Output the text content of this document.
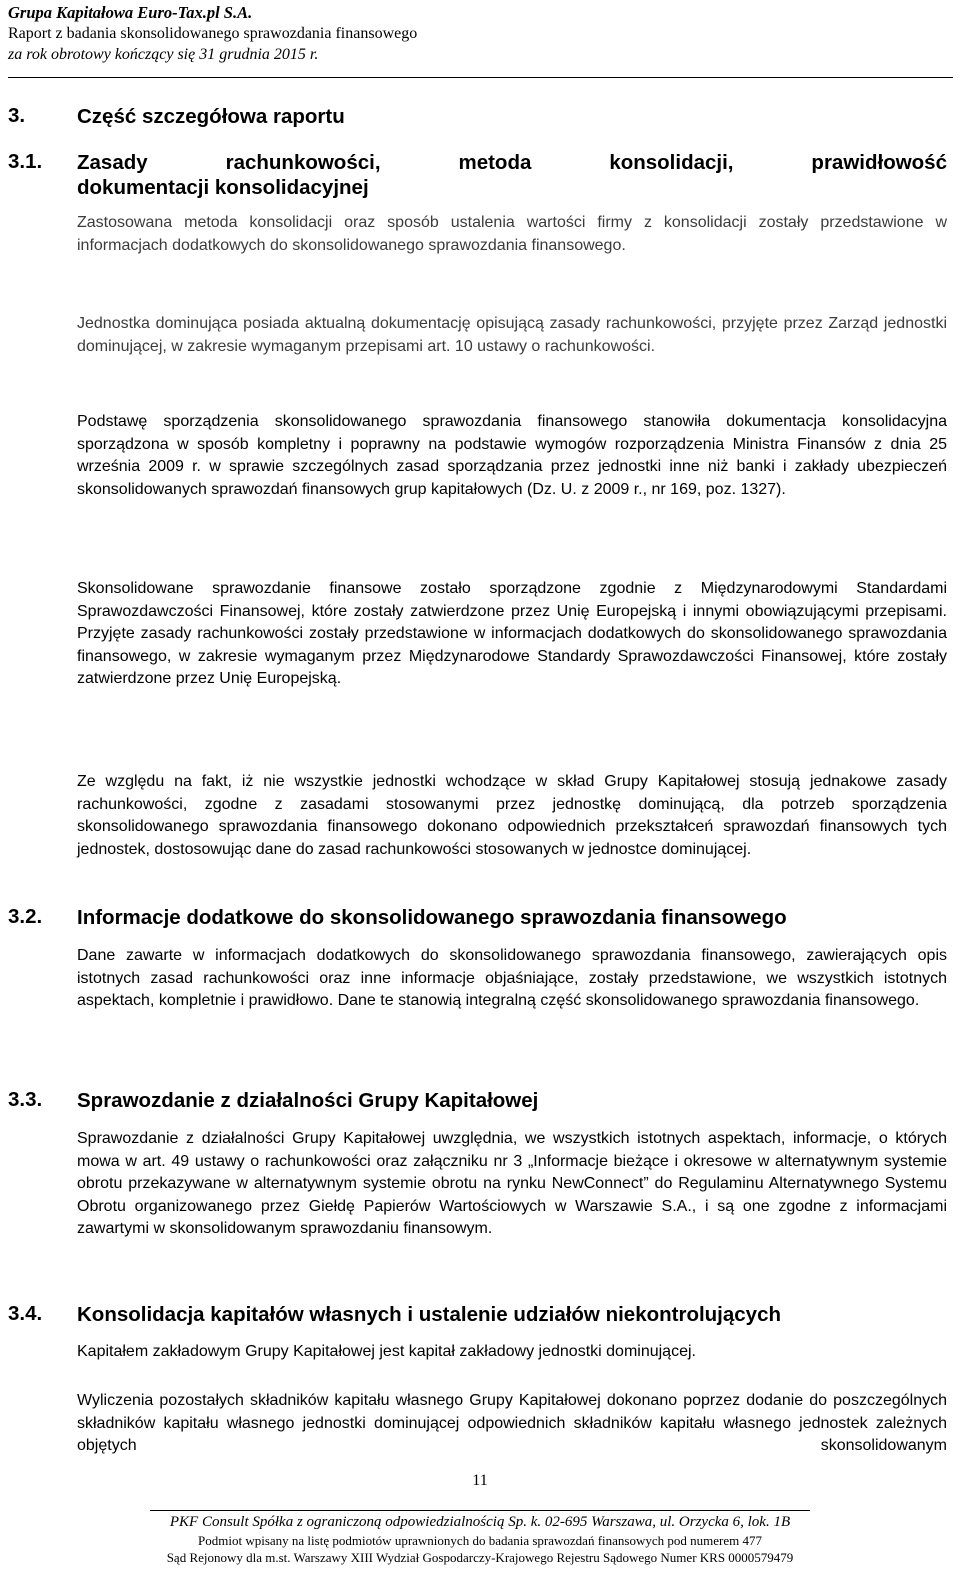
Grupa Kapitałowa Euro-Tax.pl S.A.
Raport z badania skonsolidowanego sprawozdania finansowego
za rok obrotowy kończący się 31 grudnia 2015 r.
3.	Część szczegółowa raportu
3.1. Zasady rachunkowości, metoda konsolidacji, prawidłowość
dokumentacji konsolidacyjnej
Zastosowana metoda konsolidacji oraz sposób ustalenia wartości firmy z konsolidacji zostały przedstawione w informacjach dodatkowych do skonsolidowanego sprawozdania finansowego.
Jednostka dominująca posiada aktualną dokumentację opisującą zasady rachunkowości, przyjęte przez Zarząd jednostki dominującej, w zakresie wymaganym przepisami art. 10 ustawy o rachunkowości.
Podstawę sporządzenia skonsolidowanego sprawozdania finansowego stanowiła dokumentacja konsolidacyjna sporządzona w sposób kompletny i poprawny na podstawie wymogów rozporządzenia Ministra Finansów z dnia 25 września 2009 r. w sprawie szczególnych zasad sporządzania przez jednostki inne niż banki i zakłady ubezpieczeń skonsolidowanych sprawozdań finansowych grup kapitałowych (Dz. U. z 2009 r., nr 169, poz. 1327).
Skonsolidowane sprawozdanie finansowe zostało sporządzone zgodnie z Międzynarodowymi Standardami Sprawozdawczości Finansowej, które zostały zatwierdzone przez Unię Europejską i innymi obowiązującymi przepisami. Przyjęte zasady rachunkowości zostały przedstawione w informacjach dodatkowych do skonsolidowanego sprawozdania finansowego, w zakresie wymaganym przez Międzynarodowe Standardy Sprawozdawczości Finansowej, które zostały zatwierdzone przez Unię Europejską.
Ze względu na fakt, iż nie wszystkie jednostki wchodzące w skład Grupy Kapitałowej stosują jednakowe zasady rachunkowości, zgodne z zasadami stosowanymi przez jednostkę dominującą, dla potrzeb sporządzenia skonsolidowanego sprawozdania finansowego dokonano odpowiednich przekształceń sprawozdań finansowych tych jednostek, dostosowując dane do zasad rachunkowości stosowanych w jednostce dominującej.
3.2. Informacje dodatkowe do skonsolidowanego sprawozdania finansowego
Dane zawarte w informacjach dodatkowych do skonsolidowanego sprawozdania finansowego, zawierających opis istotnych zasad rachunkowości oraz inne informacje objaśniające, zostały przedstawione, we wszystkich istotnych aspektach, kompletnie i prawidłowo. Dane te stanowią integralną część skonsolidowanego sprawozdania finansowego.
3.3. Sprawozdanie z działalności Grupy Kapitałowej
Sprawozdanie z działalności Grupy Kapitałowej uwzględnia, we wszystkich istotnych aspektach, informacje, o których mowa w art. 49 ustawy o rachunkowości oraz załączniku nr 3 „Informacje bieżące i okresowe w alternatywnym systemie obrotu przekazywane w alternatywnym systemie obrotu na rynku NewConnect” do Regulaminu Alternatywnego Systemu Obrotu organizowanego przez Giełdę Papierów Wartościowych w Warszawie S.A., i są one zgodne z informacjami zawartymi w skonsolidowanym sprawozdaniu finansowym.
3.4. Konsolidacja kapitałów własnych i ustalenie udziałów niekontrolujących
Kapitałem zakładowym Grupy Kapitałowej jest kapitał zakładowy jednostki dominującej.
Wyliczenia pozostałych składników kapitału własnego Grupy Kapitałowej dokonano poprzez dodanie do poszczególnych składników kapitału własnego jednostki dominującej odpowiednich składników kapitału własnego jednostek zależnych objętych skonsolidowanym
11
PKF Consult Spółka z ograniczoną odpowiedzialnością Sp. k. 02-695 Warszawa, ul. Orzycka 6, lok. 1B
Podmiot wpisany na listę podmiotów uprawnionych do badania sprawozdań finansowych pod numerem 477
Sąd Rejonowy dla m.st. Warszawy XIII Wydział Gospodarczy-Krajowego Rejestru Sądowego Numer KRS 0000579479
